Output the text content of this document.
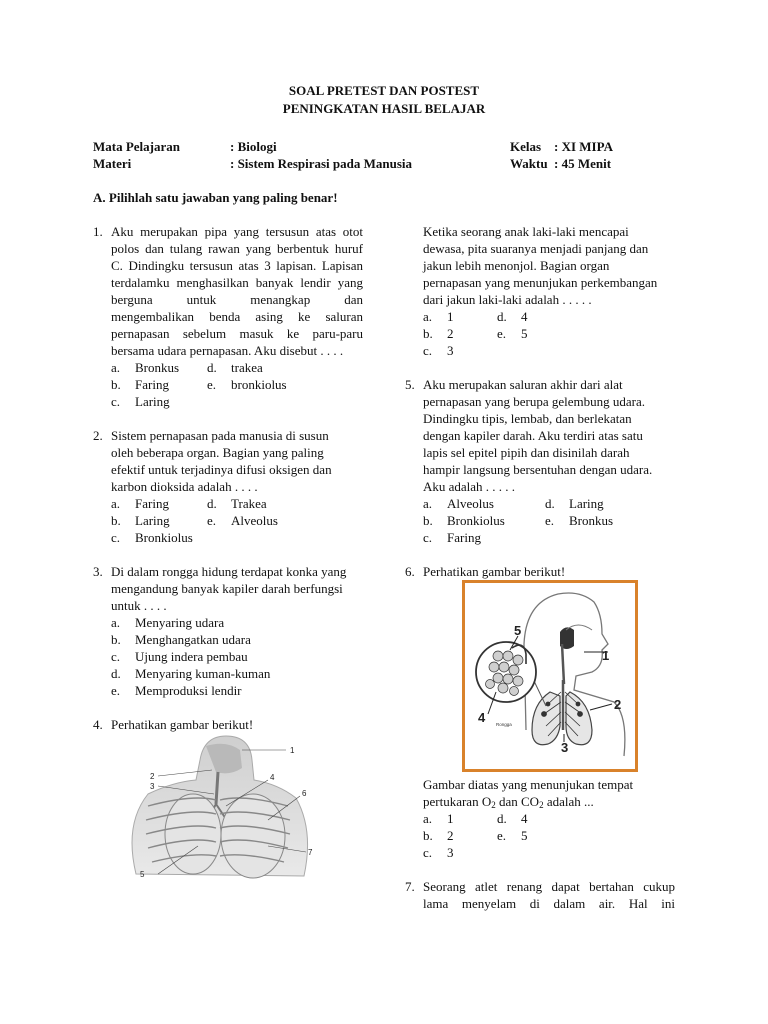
SOAL PRETEST DAN POSTEST
PENINGKATAN HASIL BELAJAR
Mata Pelajaran	: Biologi
Materi	: Sistem Respirasi pada Manusia
Kelas : XI MIPA
Waktu : 45 Menit
A. Pilihlah satu jawaban yang paling benar!
1. Aku merupakan pipa yang tersusun atas otot
polos dan tulang rawan yang berbentuk huruf
C. Dindingku tersusun atas 3 lapisan. Lapisan
terdalamku menghasilkan banyak lendir yang
berguna untuk menangkap dan
mengembalikan benda asing ke saluran
pernapasan sebelum masuk ke paru-paru
bersama udara pernapasan. Aku disebut . . . .
a.	Bronkus d. trakea
b.	Faring	e. bronkiolus
c.	Laring
2. Sistem pernapasan pada manusia di susun
oleh beberapa organ. Bagian yang paling
efektif untuk terjadinya difusi oksigen dan
karbon dioksida adalah . . . .
a.	Faring	d. Trakea
b.	Laring	e. Alveolus
c.	Bronkiolus
3. Di dalam rongga hidung terdapat konka yang
mengandung banyak kapiler darah berfungsi
untuk . . . .
a.	Menyaring udara
b.	Menghangatkan udara
c.	Ujung indera pembau
d.	Menyaring kuman-kuman
e.	Memproduksi lendir
4. Perhatikan gambar berikut!
1
2
3
4
5
6
7
Ketika seorang anak laki-laki mencapai
dewasa, pita suaranya menjadi panjang dan
jakun lebih menonjol. Bagian organ
pernapasan yang menunjukan perkembangan
dari jakun laki-laki adalah . . . . .
a.	1	d. 4
b.	2	e. 5
c.	3
5. Aku merupakan saluran akhir dari alat
pernapasan yang berupa gelembung udara.
Dindingku tipis, lembab, dan berlekatan
dengan kapiler darah. Aku terdiri atas satu
lapis sel epitel pipih dan disinilah darah
hampir langsung bersentuhan dengan udara.
Aku adalah . . . . .
a.	Alveolus	d. Laring
b.	Bronkiolus	e. Bronkus
c.	Faring
6. Perhatikan gambar berikut!
5
1
2
3
4 Rongga
Gambar diatas yang menunjukan tempat
pertukaran $O_2$ dan $CO_2$ adalah ...
a.	1	d. 4
b.	2	e. 5
c.	3
7. Seorang atlet renang dapat bertahan cukup
lama menyelam di dalam air. Hal ini
